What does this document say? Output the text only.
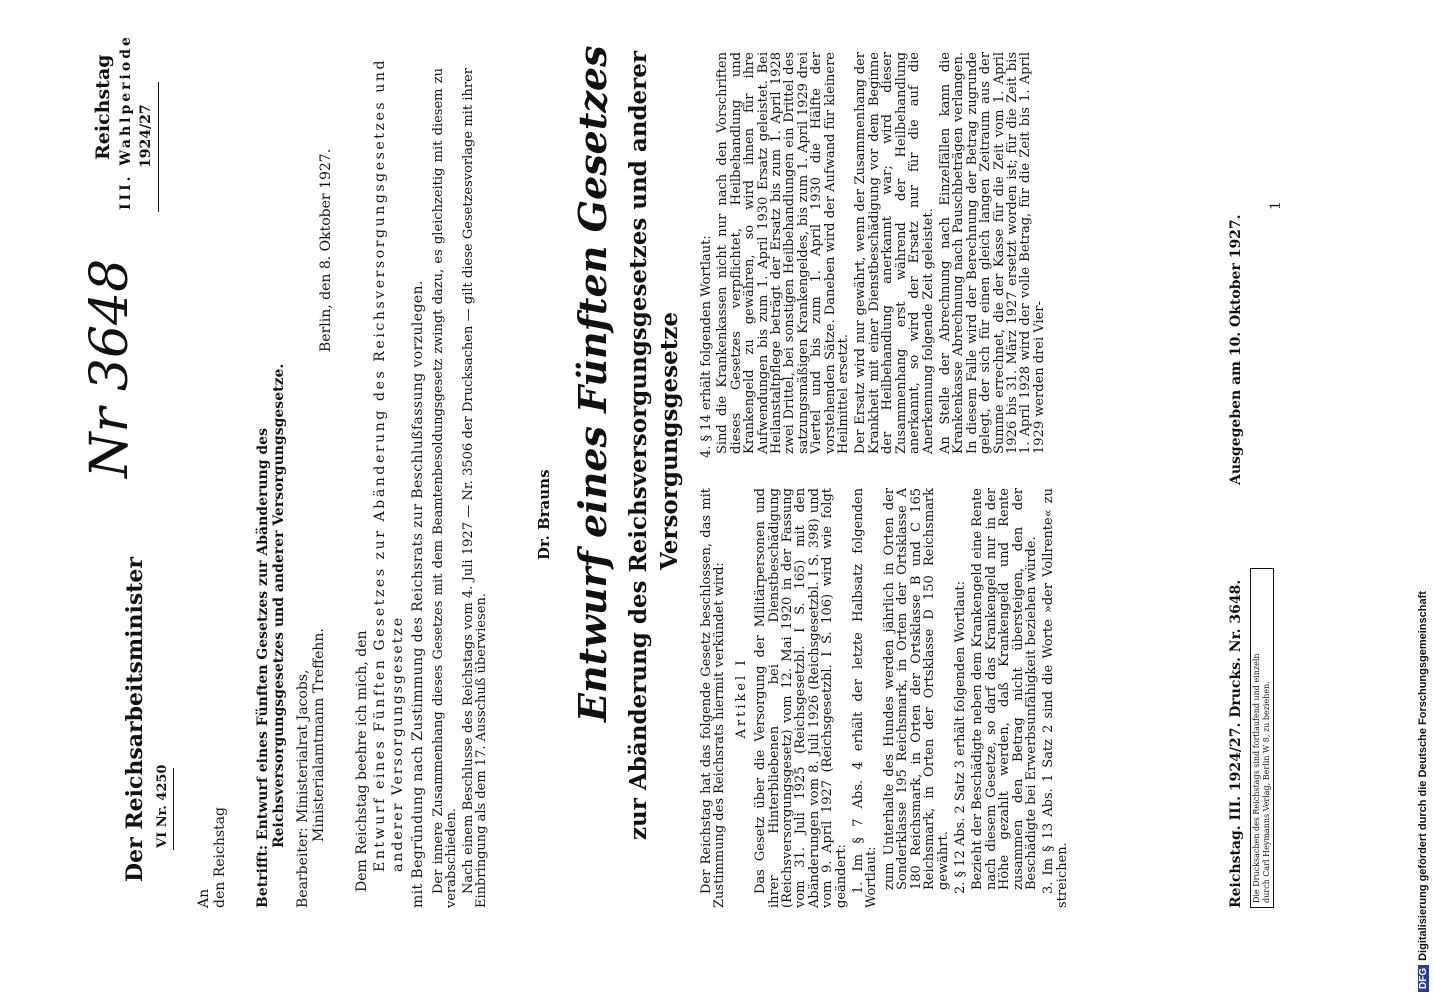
Der Reichsarbeitsminister VI Nr. 4250
Nr 3648
Reichstag III. Wahlperiode 1924/27
An den Reichstag Betrifft: Entwurf eines Fünften Gesetzes zur Abänderung des Reichsversorgungsgesetzes und anderer Versorgungsgesetze. Bearbeiter: Ministerialrat Jacobs, Ministerialamtmann Treffehn.
Berlin, den 8. Oktober 1927.
Dem Reichstag beehre ich mich, den Entwurf eines Fünften Gesetzes zur Abänderung des Reichsversorgungsgesetzes und anderer Versorgungsgesetze mit Begründung nach Zustimmung des Reichsrats zur Beschlußfassung vorzulegen. Der innere Zusammenhang dieses Gesetzes mit dem Beamtenbesoldungsgesetz zwingt dazu, es gleichzeitig mit diesem zu verabschieden. Nach einem Beschlusse des Reichstags vom 4. Juli 1927 — Nr. 3506 der Drucksachen — gilt diese Gesetzesvorlage mit ihrer Einbringung als dem 17. Ausschuß überwiesen.

Dr. Brauns Entwurf eines Fünften Gesetzes zur Abänderung des Reichsversorgungsgesetzes und anderer Versorgungsgesetze

Der Reichstag hat das folgende Gesetz beschlossen, das mit Zustimmung des Reichsrats hiermit verkündet wird: Artikel I Das Gesetz über die Versorgung der Militärpersonen und ihrer Hinterbliebenen bei Dienstbeschädigung (Reichsversorgungsgesetz) vom 12. Mai 1920 in der Fassung vom 31. Juli 1925 (Reichsgesetzbl. I S. 165) mit den Abänderungen vom 8. Juli 1926 (Reichsgesetzbl. I S. 398) und vom 9. April 1927 (Reichsgesetzbl. I S. 106) wird wie folgt geändert: 1. Im § 7 Abs. 4 erhält der letzte Halbsatz folgenden Wortlaut: zum Unterhalte des Hundes werden jährlich in Orten der Sonderklasse 195 Reichsmark, in Orten der Ortsklasse A 180 Reichsmark, in Orten der Ortsklasse B und C 165 Reichsmark, in Orten der Ortsklasse D 150 Reichsmark gewährt. 2. § 12 Abs. 2 Satz 3 erhält folgenden Wortlaut: Bezieht der Beschädigte neben dem Krankengeld eine Rente nach diesem Gesetze, so darf das Krankengeld nur in der Höhe gezahlt werden, daß Krankengeld und Rente zusammen den Betrag nicht übersteigen, den der Beschädigte bei Erwerbsunfähigkeit beziehen würde. 3. Im § 13 Abs. 1 Satz 2 sind die Worte »der Vollrente« zu streichen.

4. § 14 erhält folgenden Wortlaut: Sind die Krankenkassen nicht nur nach den Vorschriften dieses Gesetzes verpflichtet, Heilbehandlung und Krankengeld zu gewähren, so wird ihnen für ihre Aufwendungen bis zum 1. April 1930 Ersatz geleistet. Bei Heilanstaltpflege beträgt der Ersatz bis zum 1. April 1928 zwei Drittel, bei sonstigen Heilbehandlungen ein Drittel des satzungsmäßigen Krankengeldes, bis zum 1. April 1929 drei Viertel und bis zum 1. April 1930 die Hälfte der vorstehenden Sätze. Daneben wird der Aufwand für kleinere Heilmittel ersetzt. Der Ersatz wird nur gewährt, wenn der Zusammenhang der Krankheit mit einer Dienstbeschädigung vor dem Beginne der Heilbehandlung anerkannt war; wird dieser Zusammenhang erst während der Heilbehandlung anerkannt, so wird der Ersatz nur für die auf die Anerkennung folgende Zeit geleistet. An Stelle der Abrechnung nach Einzelfällen kann die Krankenkasse Abrechnung nach Pauschbeträgen verlangen. In diesem Falle wird der Berechnung der Betrag zugrunde gelegt, der sich für einen gleich langen Zeitraum aus der Summe errechnet, die der Kasse für die Zeit vom 1. April 1926 bis 31. März 1927 ersetzt worden ist; für die Zeit bis 1. April 1928 wird der volle Betrag, für die Zeit bis 1. April 1929 werden drei Vier-

Reichstag. III. 1924/27. Drucks. Nr. 3648.
Ausgegeben am 10. Oktober 1927.
1
Die Drucksachen des Reichstags sind fortlaufend und einzeln durch Carl Heymanns Verlag, Berlin W 8, zu beziehen.
DFGDigitalisierung gefördert durch die Deutsche Forschungsgemeinschaft
